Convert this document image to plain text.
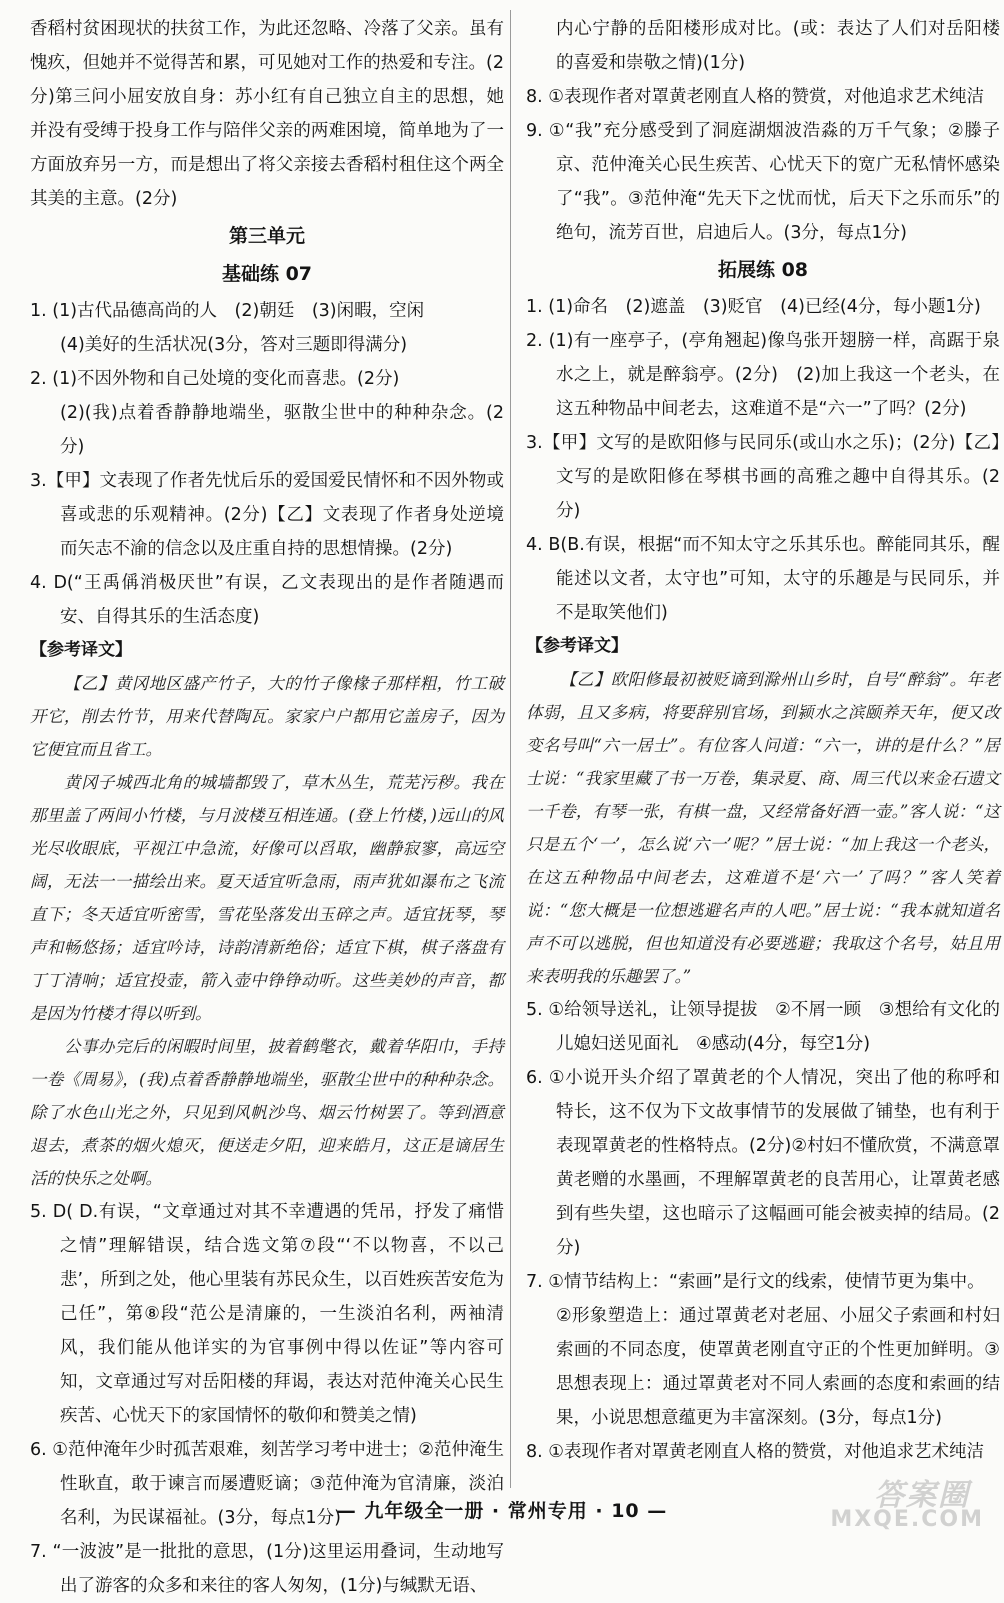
香稻村贫困现状的扶贫工作，为此还忽略、冷落了父亲。虽有愧疚，但她并不觉得苦和累，可见她对工作的热爱和专注。(2分)第三问小屈安放自身：苏小红有自己独立自主的思想，她并没有受缚于投身工作与陪伴父亲的两难困境，简单地为了一方面放弃另一方，而是想出了将父亲接去香稻村租住这个两全其美的主意。(2分)

第三单元
基础练 07

1. (1)古代品德高尚的人　(2)朝廷　(3)闲暇，空闲

(4)美好的生活状况(3分，答对三题即得满分)

2. (1)不因外物和自己处境的变化而喜悲。(2分)

(2)(我)点着香静静地端坐，驱散尘世中的种种杂念。(2分)

3.【甲】文表现了作者先忧后乐的爱国爱民情怀和不因外物或喜或悲的乐观精神。(2分)【乙】文表现了作者身处逆境而矢志不渝的信念以及庄重自持的思想情操。(2分)

4. D(“王禹偁消极厌世”有误，乙文表现出的是作者随遇而安、自得其乐的生活态度)

【参考译文】

【乙】黄冈地区盛产竹子，大的竹子像椽子那样粗，竹工破开它，削去竹节，用来代替陶瓦。家家户户都用它盖房子，因为它便宜而且省工。

黄冈子城西北角的城墙都毁了，草木丛生，荒芜污秽。我在那里盖了两间小竹楼，与月波楼互相连通。(登上竹楼，)远山的风光尽收眼底，平视江中急流，好像可以舀取，幽静寂寥，高远空阔，无法一一描绘出来。夏天适宜听急雨，雨声犹如瀑布之飞流直下；冬天适宜听密雪，雪花坠落发出玉碎之声。适宜抚琴，琴声和畅悠扬；适宜吟诗，诗韵清新绝俗；适宜下棋，棋子落盘有丁丁清响；适宜投壶，箭入壶中铮铮动听。这些美妙的声音，都是因为竹楼才得以听到。

公事办完后的闲暇时间里，披着鹤氅衣，戴着华阳巾，手持一卷《周易》，(我)点着香静静地端坐，驱散尘世中的种种杂念。除了水色山光之外，只见到风帆沙鸟、烟云竹树罢了。等到酒意退去，煮茶的烟火熄灭，便送走夕阳，迎来皓月，这正是谪居生活的快乐之处啊。

5. D( D.有误，“文章通过对其不幸遭遇的凭吊，抒发了痛惜之情”理解错误，结合选文第⑦段“‘不以物喜，不以己悲’，所到之处，他心里装有苏民众生，以百姓疾苦安危为己任”，第⑧段“范公是清廉的，一生淡泊名利，两袖清风，我们能从他详实的为官事例中得以佐证”等内容可知，文章通过写对岳阳楼的拜谒，表达对范仲淹关心民生疾苦、心忧天下的家国情怀的敬仰和赞美之情)

6. ①范仲淹年少时孤苦艰难，刻苦学习考中进士；②范仲淹生性耿直，敢于谏言而屡遭贬谪；③范仲淹为官清廉，淡泊名利，为民谋福祉。(3分，每点1分)

7. “一波波”是一批批的意思，(1分)这里运用叠词，生动地写出了游客的众多和来往的客人匆匆，(1分)与缄默无语、

内心宁静的岳阳楼形成对比。(或：表达了人们对岳阳楼的喜爱和崇敬之情)(1分)

8. ①表现作者对罩黄老刚直人格的赞赏，对他追求艺术纯洁

9. ①“我”充分感受到了洞庭湖烟波浩淼的万千气象；②滕子京、范仲淹关心民生疾苦、心忧天下的宽广无私情怀感染了“我”。③范仲淹“先天下之忧而忧，后天下之乐而乐”的绝句，流芳百世，启迪后人。(3分，每点1分)

拓展练 08

1. (1)命名　(2)遮盖　(3)贬官　(4)已经(4分，每小题1分)

2. (1)有一座亭子，(亭角翘起)像鸟张开翅膀一样，高踞于泉水之上，就是醉翁亭。(2分)　(2)加上我这一个老头，在这五种物品中间老去，这难道不是“六一”了吗？(2分)

3.【甲】文写的是欧阳修与民同乐(或山水之乐)；(2分)【乙】文写的是欧阳修在琴棋书画的高雅之趣中自得其乐。(2分)

4. B(B.有误，根据“而不知太守之乐其乐也。醉能同其乐，醒能述以文者，太守也”可知，太守的乐趣是与民同乐，并不是取笑他们)

【参考译文】

【乙】欧阳修最初被贬谪到滁州山乡时，自号“醉翁”。年老体弱，且又多病，将要辞别官场，到颍水之滨颐养天年，便又改变名号叫“六一居士”。有位客人问道：“六一，讲的是什么？”居士说：“我家里藏了书一万卷，集录夏、商、周三代以来金石遗文一千卷，有琴一张，有棋一盘，又经常备好酒一壶。”客人说：“这只是五个‘一’，怎么说‘六一’呢？”居士说：“加上我这一个老头，在这五种物品中间老去，这难道不是‘六一’了吗？”客人笑着说：“您大概是一位想逃避名声的人吧。”居士说：“我本就知道名声不可以逃脱，但也知道没有必要逃避；我取这个名号，姑且用来表明我的乐趣罢了。”

5. ①给领导送礼，让领导提拔　②不屑一顾　③想给有文化的儿媳妇送见面礼　④感动(4分，每空1分)

6. ①小说开头介绍了罩黄老的个人情况，突出了他的称呼和特长，这不仅为下文故事情节的发展做了铺垫，也有利于表现罩黄老的性格特点。(2分)②村妇不懂欣赏，不满意罩黄老赠的水墨画，不理解罩黄老的良苦用心，让罩黄老感到有些失望，这也暗示了这幅画可能会被卖掉的结局。(2分)

7. ①情节结构上：“索画”是行文的线索，使情节更为集中。

②形象塑造上：通过罩黄老对老屈、小屈父子索画和村妇索画的不同态度，使罩黄老刚直守正的个性更加鲜明。③思想表现上：通过罩黄老对不同人索画的态度和索画的结果，小说思想意蕴更为丰富深刻。(3分，每点1分)

8. ①表现作者对罩黄老刚直人格的赞赏，对他追求艺术纯洁

— 九年级全一册 · 常州专用 · 10 —	答案圈
MXQE.COM
